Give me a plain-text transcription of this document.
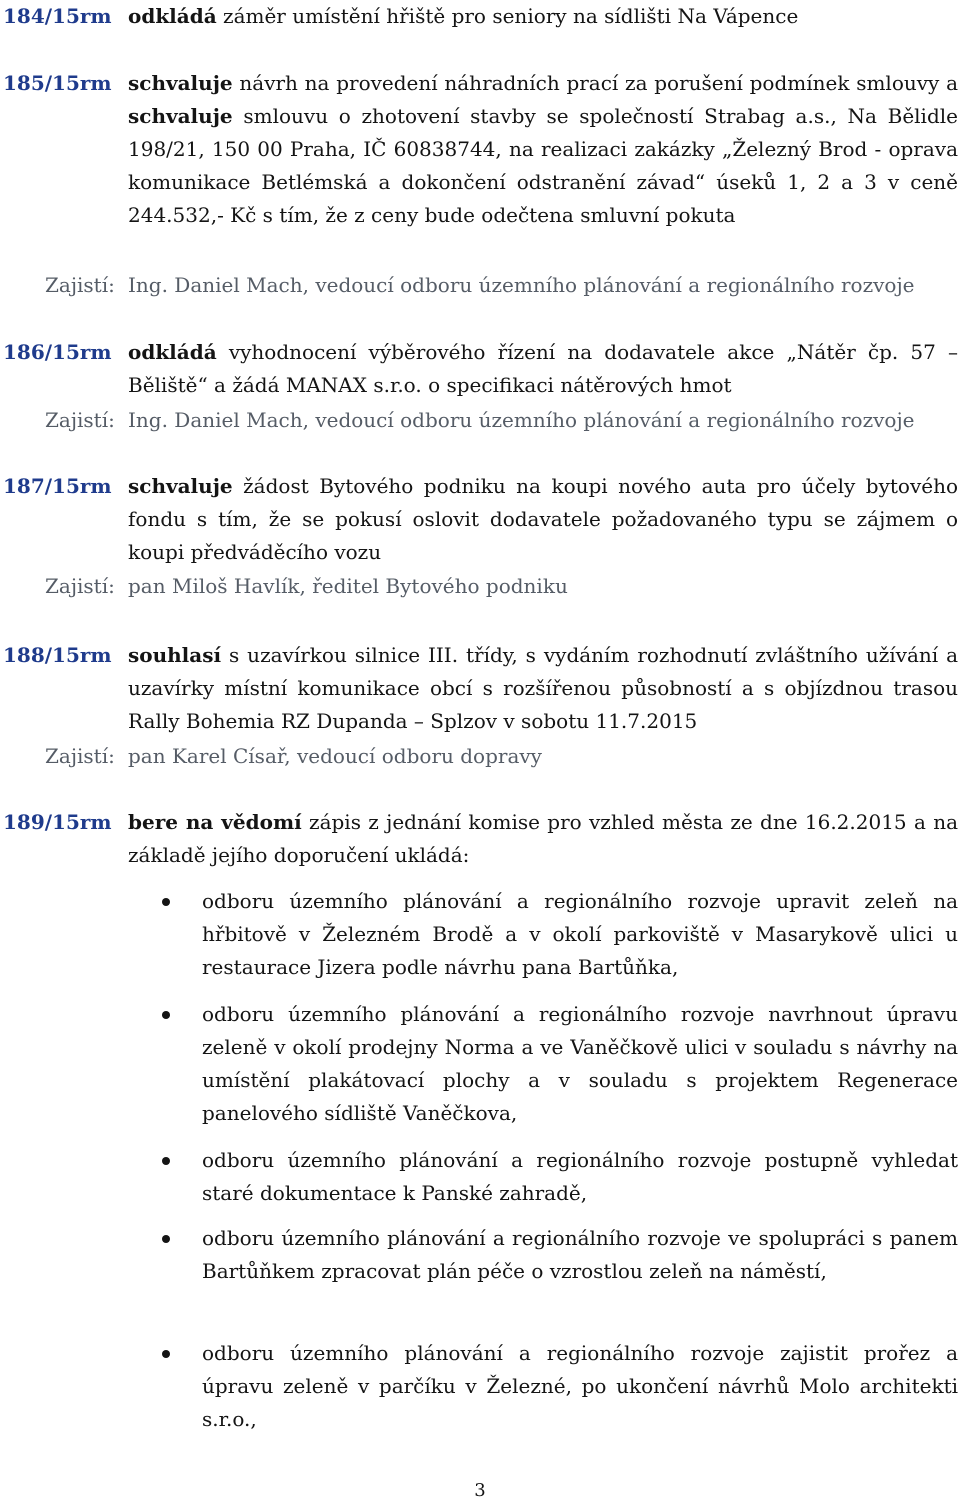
184/15rm odkládá záměr umístění hřiště pro seniory na sídlišti Na Vápence
185/15rm schvaluje návrh na provedení náhradních prací za porušení podmínek smlouvy a schvaluje smlouvu o zhotovení stavby se společností Strabag a.s., Na Bělidle 198/21, 150 00 Praha, IČ 60838744, na realizaci zakázky „Železný Brod - oprava komunikace Betlémská a dokončení odstranění závad“ úseků 1, 2 a 3 v ceně 244.532,- Kč s tím, že z ceny bude odečtena smluvní pokuta
Zajistí: Ing. Daniel Mach, vedoucí odboru územního plánování a regionálního rozvoje
186/15rm odkládá vyhodnocení výběrového řízení na dodavatele akce „Nátěr čp. 57 – Běliště“ a žádá MANAX s.r.o. o specifikaci nátěrových hmot
Zajistí: Ing. Daniel Mach, vedoucí odboru územního plánování a regionálního rozvoje
187/15rm schvaluje žádost Bytového podniku na koupi nového auta pro účely bytového fondu s tím, že se pokusí oslovit dodavatele požadovaného typu se zájmem o koupi předváděcího vozu
Zajistí: pan Miloš Havlík, ředitel Bytového podniku
188/15rm souhlasí s uzavírkou silnice III. třídy, s vydáním rozhodnutí zvláštního užívání a uzavírky místní komunikace obcí s rozšířenou působností a s objízdnou trasou Rally Bohemia RZ Dupanda – Splzov v sobotu 11.7.2015
Zajistí: pan Karel Císař, vedoucí odboru dopravy
189/15rm bere na vědomí zápis z jednání komise pro vzhled města ze dne 16.2.2015 a na základě jejího doporučení ukládá:
odboru územního plánování a regionálního rozvoje upravit zeleň na hřbitově v Železném Brodě a v okolí parkoviště v Masarykově ulici u restaurace Jizera podle návrhu pana Bartůňka,
odboru územního plánování a regionálního rozvoje navrhnout úpravu zeleně v okolí prodejny Norma a ve Vaněčkově ulici v souladu s návrhy na umístění plakátovací plochy a v souladu s projektem Regenerace panelového sídliště Vaněčkova,
odboru územního plánování a regionálního rozvoje postupně vyhledat staré dokumentace k Panské zahradě,
odboru územního plánování a regionálního rozvoje ve spolupráci s panem Bartůňkem zpracovat plán péče o vzrostlou zeleň na náměstí,
odboru územního plánování a regionálního rozvoje zajistit prořez a úpravu zeleně v parčíku v Železné, po ukončení návrhů Molo architekti s.r.o.,
3
